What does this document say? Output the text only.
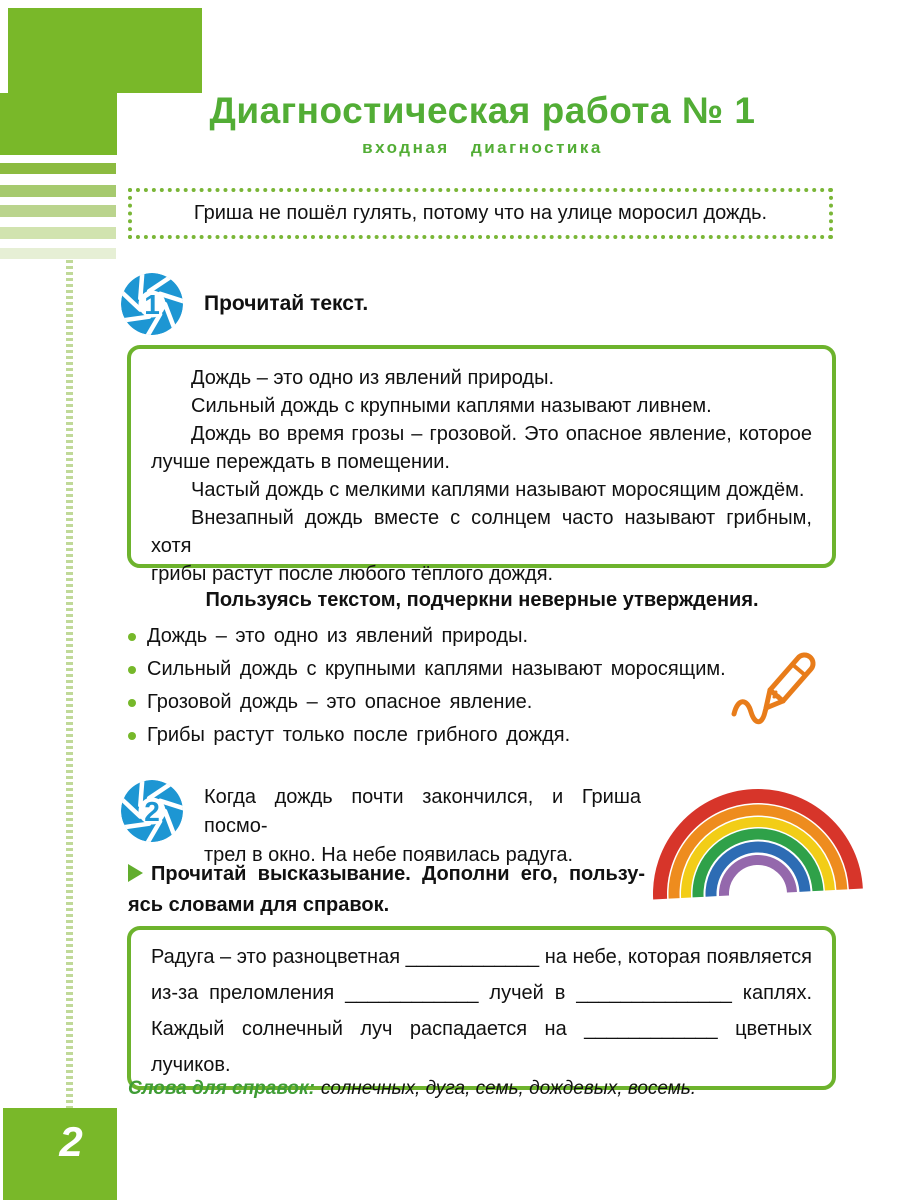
Диагностическая работа № 1
входная диагностика
Гриша не пошёл гулять, потому что на улице моросил дождь.
1 Прочитай текст.
Дождь – это одно из явлений природы.
Сильный дождь с крупными каплями называют ливнем.
Дождь во время грозы – грозовой. Это опасное явление, которое
лучше переждать в помещении.
Частый дождь с мелкими каплями называют моросящим дождём.
Внезапный дождь вместе с солнцем часто называют грибным, хотя
грибы растут после любого тёплого дождя.
Пользуясь текстом, подчеркни неверные утверждения.
Дождь – это одно из явлений природы.
Сильный дождь с крупными каплями называют моросящим.
Грозовой дождь – это опасное явление.
Грибы растут только после грибного дождя.
2 Когда дождь почти закончился, и Гриша посмо-
трел в окно. На небе появилась радуга.
Прочитай высказывание. Дополни его, пользу-
ясь словами для справок.
Радуга – это разноцветная ____________ на небе, которая появляется
из-за преломления ____________ лучей в ______________ каплях.
Каждый солнечный луч распадается на ____________ цветных лучиков.
Слова для справок: солнечных, дуга, семь, дождевых, восемь.
2
